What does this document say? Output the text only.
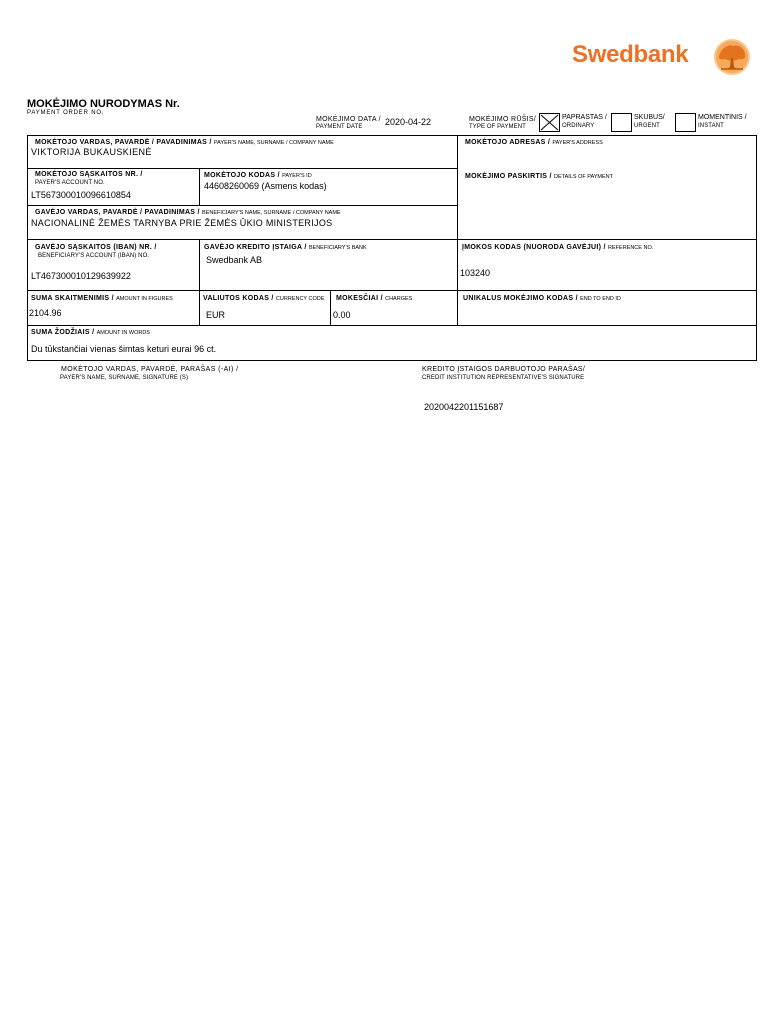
Swedbank
MOKĖJIMO NURODYMAS Nr.
PAYMENT ORDER NO.
MOKĖJIMO DATA /
PAYMENT DATE	2020-04-22	MOKĖJIMO RŪŠIS/
TYPE OF PAYMENT
PAPRASTAS /
ORDINARY
SKUBUS/
URGENT
MOMENTINIS /
INSTANT
MOKĖTOJO VARDAS, PAVARDĖ / PAVADINIMAS / PAYER'S NAME, SURNAME / COMPANY NAME
VIKTORIJA BUKAUSKIENĖ
MOKĖTOJO ADRESAS / PAYER'S ADDRESS
MOKĖTOJO SĄSKAITOS NR. /
PAYER'S ACCOUNT NO.
LT567300010096610854
MOKĖTOJO KODAS / PAYER'S ID
44608260069 (Asmens kodas)
MOKĖJIMO PASKIRTIS / DETAILS OF PAYMENT
GAVĖJO VARDAS, PAVARDĖ / PAVADINIMAS / BENEFICIARY'S NAME, SURNAME / COMPANY NAME
NACIONALINĖ ŽEMĖS TARNYBA PRIE ŽEMĖS ŪKIO MINISTERIJOS
GAVĖJO SĄSKAITOS (IBAN) NR. /
BENEFICIARY'S ACCOUNT (IBAN) NO.
LT467300010129639922
GAVĖJO KREDITO ĮSTAIGA / BENEFICIARY'S BANK
Swedbank AB
ĮMOKOS KODAS (NUORODA GAVĖJUI) / REFERENCE NO.
103240
SUMA SKAITMENIMIS / AMOUNT IN FIGURES
2104.96
VALIUTOS KODAS / CURRENCY CODE
EUR
MOKESČIAI / CHARGES
0.00
UNIKALUS MOKĖJIMO KODAS / END TO END ID
SUMA ŽODŽIAIS / AMOUNT IN WORDS
Du tūkstančiai vienas šimtas keturi eurai 96 ct.
MOKĖTOJO VARDAS, PAVARDĖ, PARAŠAS (-AI) /
PAYER'S NAME, SURNAME, SIGNATURE (S)
KREDITO ĮSTAIGOS DARBUOTOJO PARAŠAS/
CREDIT INSTITUTION REPRESENTATIVE'S SIGNATURE
2020042201151687
